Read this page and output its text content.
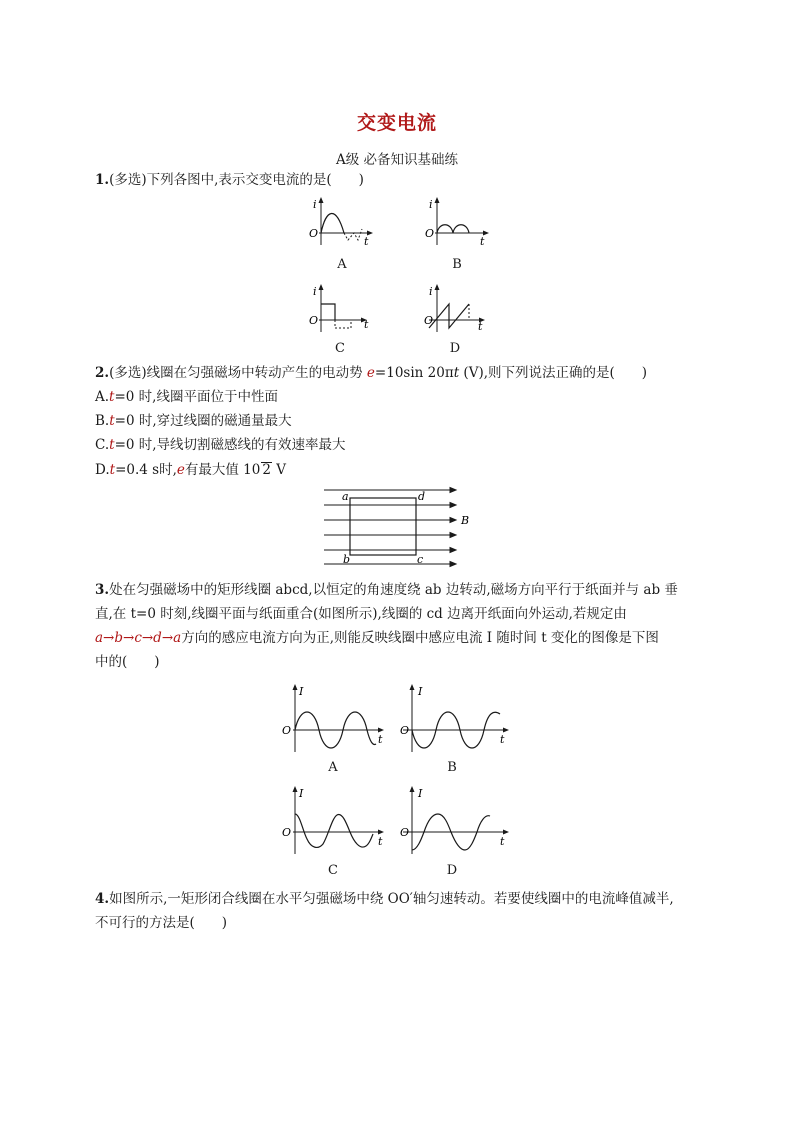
交变电流
A级 必备知识基础练
1.(多选)下列各图中,表示交变电流的是(　　)
i
O
t
A
i
O
t
B
i
O	t
C
i
O	t
D
2.(多选)线圈在匀强磁场中转动产生的电动势 e=10sin 20πt (V),则下列说法正确的是(　　)
A.t=0 时,线圈平面位于中性面
B.t=0 时,穿过线圈的磁通量最大
C.t=0 时,导线切割磁感线的有效速率最大
D.t=0.4 s时,e有最大值 10 2 V
a	d
b	c
B
3.处在匀强磁场中的矩形线圈 abcd,以恒定的角速度绕 ab 边转动,磁场方向平行于纸面并与 ab 垂
直,在 t=0 时刻,线圈平面与纸面重合(如图所示),线圈的 cd 边离开纸面向外运动,若规定由
a→b→c→d→a方向的感应电流方向为正,则能反映线圈中感应电流 I 随时间 t 变化的图像是下图
中的(　　)
I
O
t
A
I
O
t
B
I
O
t
C
I
O
t
D
4.如图所示,一矩形闭合线圈在水平匀强磁场中绕 OO′轴匀速转动。若要使线圈中的电流峰值减半,
不可行的方法是(　　)
